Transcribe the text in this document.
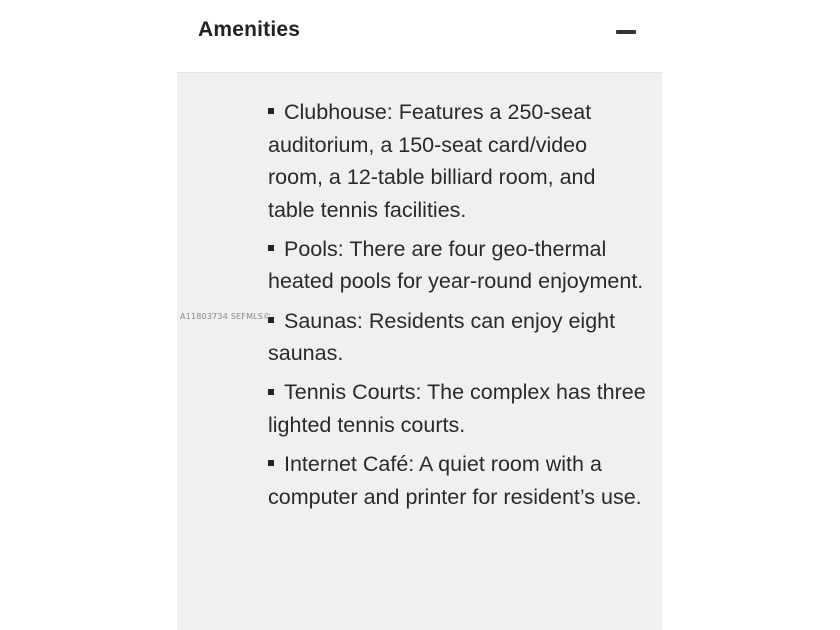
Amenities
Clubhouse: Features a 250-seat auditorium, a 150-seat card/video room, a 12-table billiard room, and table tennis facilities.
Pools: There are four geo-thermal heated pools for year-round enjoyment.
Saunas: Residents can enjoy eight saunas.
Tennis Courts: The complex has three lighted tennis courts.
Internet Café: A quiet room with a computer and printer for resident’s use.
A11803734 SEFMLS©
